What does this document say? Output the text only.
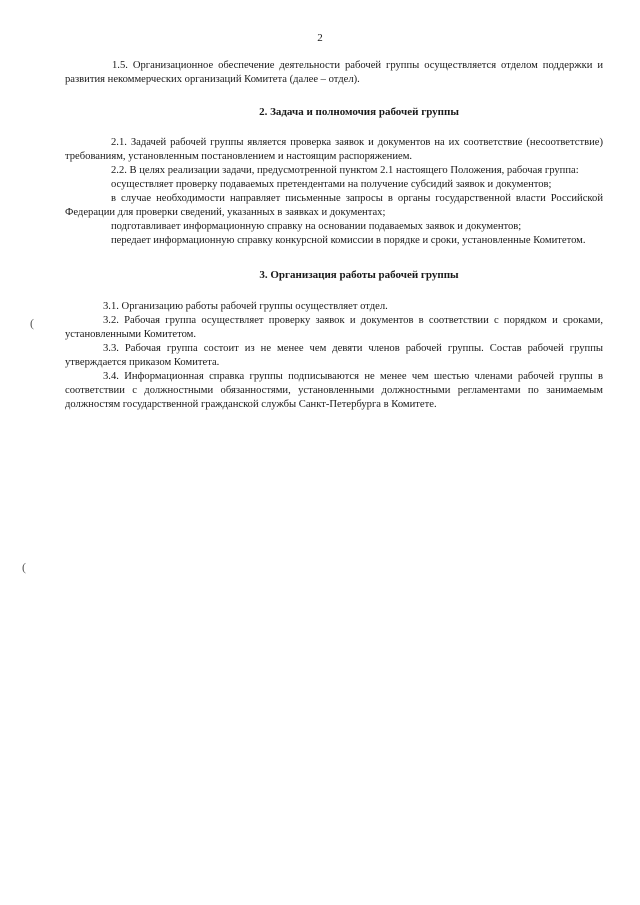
2

1.5. Организационное обеспечение деятельности рабочей группы осуществляется отделом поддержки и развития некоммерческих организаций Комитета (далее – отдел).

2. Задача и полномочия рабочей группы

2.1. Задачей рабочей группы является проверка заявок и документов на их соответствие (несоответствие) требованиям, установленным постановлением и настоящим распоряжением.

2.2. В целях реализации задачи, предусмотренной пунктом 2.1 настоящего Положения, рабочая группа:

осуществляет проверку подаваемых претендентами на получение субсидий заявок и документов;

в случае необходимости направляет письменные запросы в органы государственной власти Российской Федерации для проверки сведений, указанных в заявках и документах;

подготавливает информационную справку на основании подаваемых заявок и документов;

передает информационную справку конкурсной комиссии в порядке и сроки, установленные Комитетом.

3. Организация работы рабочей группы

3.1. Организацию работы рабочей группы осуществляет отдел.

3.2. Рабочая группа осуществляет проверку заявок и документов в соответствии с порядком и сроками, установленными Комитетом.

3.3. Рабочая группа состоит из не менее чем девяти членов рабочей группы. Состав рабочей группы утверждается приказом Комитета.

3.4. Информационная справка группы подписываются не менее чем шестью членами рабочей группы в соответствии с должностными обязанностями, установленными должностными регламентами по занимаемым должностям государственной гражданской службы Санкт-Петербурга в Комитете.

(
(
